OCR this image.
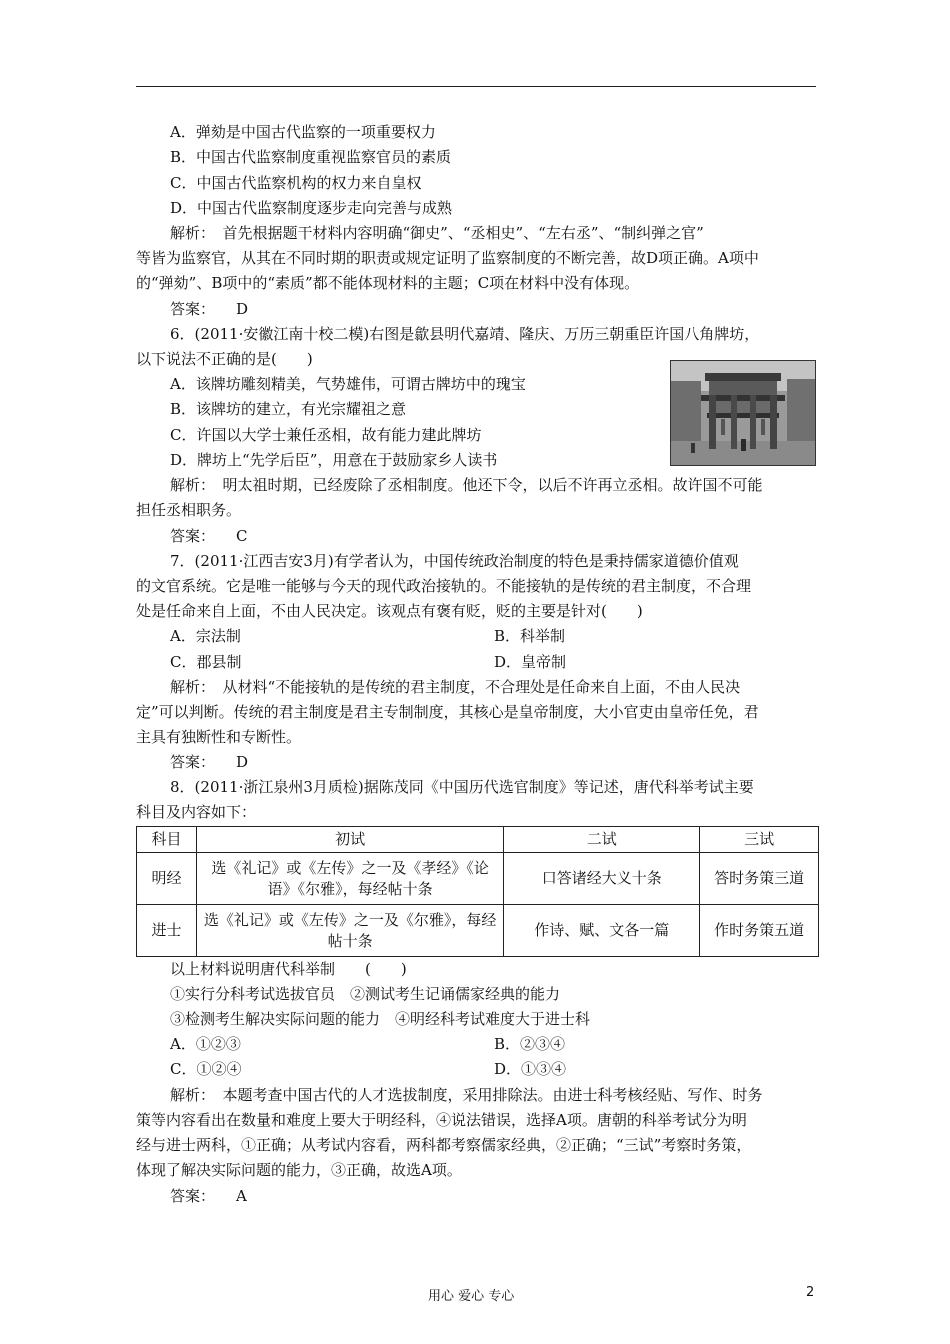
A．弹劾是中国古代监察的一项重要权力
B．中国古代监察制度重视监察官员的素质
C．中国古代监察机构的权力来自皇权
D．中国古代监察制度逐步走向完善与成熟
解析：　首先根据题干材料内容明确“御史”、“丞相史”、“左右丞”、“制纠弹之官”
等皆为监察官，从其在不同时期的职责或规定证明了监察制度的不断完善，故D项正确。A项中
的“弹劾”、B项中的“素质”都不能体现材料的主题；C项在材料中没有体现。
答案： D
6．(2011·安徽江南十校二模)右图是歙县明代嘉靖、隆庆、万历三朝重臣许国八角牌坊，
以下说法不正确的是(　　)
A．该牌坊雕刻精美，气势雄伟，可谓古牌坊中的瑰宝
B．该牌坊的建立，有光宗耀祖之意
C．许国以大学士兼任丞相，故有能力建此牌坊
D．牌坊上“先学后臣”，用意在于鼓励家乡人读书
解析：　明太祖时期，已经废除了丞相制度。他还下令，以后不许再立丞相。故许国不可能
担任丞相职务。
答案： C
7．(2011·江西吉安3月)有学者认为，中国传统政治制度的特色是秉持儒家道德价值观
的文官系统。它是唯一能够与今天的现代政治接轨的。不能接轨的是传统的君主制度，不合理
处是任命来自上面，不由人民决定。该观点有褒有贬，贬的主要是针对(　　)
A．宗法制	B．科举制
C．郡县制	D．皇帝制
解析：　从材料“不能接轨的是传统的君主制度，不合理处是任命来自上面，不由人民决
定”可以判断。传统的君主制度是君主专制制度，其核心是皇帝制度，大小官吏由皇帝任免，君
主具有独断性和专断性。
答案： D
8．(2011·浙江泉州3月质检)据陈茂同《中国历代选官制度》等记述，唐代科举考试主要
科目及内容如下：
科目	初试	二试	三试
明经	选《礼记》或《左传》之一及《孝经》《论
语》《尔雅》，每经帖十条	口答诸经大义十条	答时务策三道
进士	选《礼记》或《左传》之一及《尔雅》，每经
帖十条	作诗、赋、文各一篇	作时务策五道
以上材料说明唐代科举制　　(　　)
①实行分科考试选拔官员　②测试考生记诵儒家经典的能力
③检测考生解决实际问题的能力　④明经科考试难度大于进士科
A．①②③	B．②③④
C．①②④	D．①③④
解析：　本题考查中国古代的人才选拔制度，采用排除法。由进士科考核经贴、写作、时务
策等内容看出在数量和难度上要大于明经科，④说法错误，选择A项。唐朝的科举考试分为明
经与进士两科，①正确；从考试内容看，两科都考察儒家经典，②正确；“三试”考察时务策，
体现了解决实际问题的能力，③正确，故选A项。
答案： A
用心 爱心 专心	2
